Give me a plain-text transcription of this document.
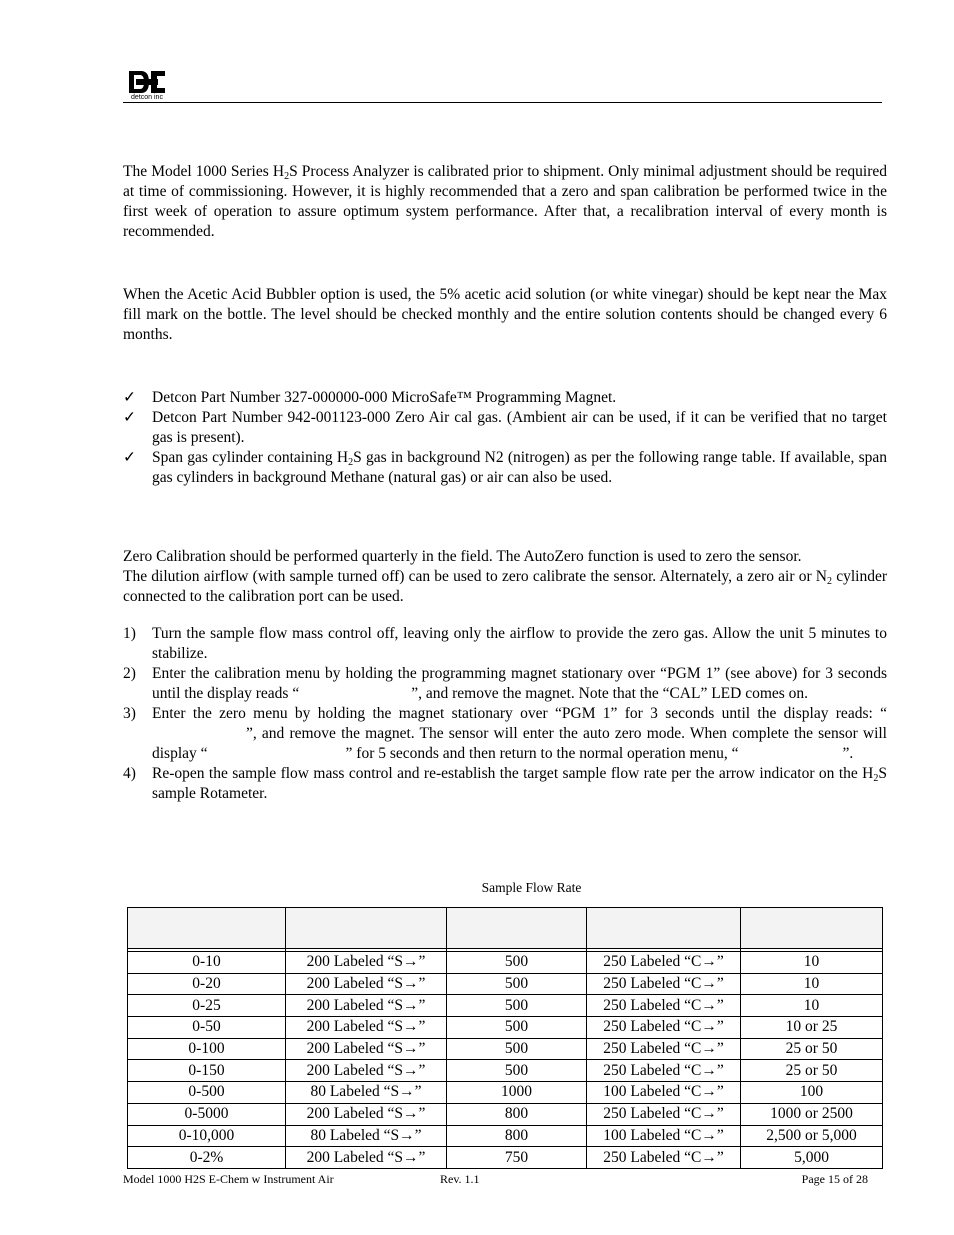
detcon inc

The Model 1000 Series $H_2S$ Process Analyzer is calibrated prior to shipment. Only minimal adjustment should be required at time of commissioning. However, it is highly recommended that a zero and span calibration be performed twice in the first week of operation to assure optimum system performance. After that, a recalibration interval of every month is recommended.

When the Acetic Acid Bubbler option is used, the 5% acetic acid solution (or white vinegar) should be kept near the Max fill mark on the bottle. The level should be checked monthly and the entire solution contents should be changed every 6 months.

✓ Detcon Part Number 327-000000-000 MicroSafe™ Programming Magnet.
✓ Detcon Part Number 942-001123-000 Zero Air cal gas. (Ambient air can be used, if it can be verified that no target gas is present).
✓ Span gas cylinder containing $H_2S$ gas in background N2 (nitrogen) as per the following range table. If available, span gas cylinders in background Methane (natural gas) or air can also be used.

Zero Calibration should be performed quarterly in the field. The AutoZero function is used to zero the sensor.

The dilution airflow (with sample turned off) can be used to zero calibrate the sensor. Alternately, a zero air or $N_2$ cylinder connected to the calibration port can be used.

1) Turn the sample flow mass control off, leaving only the airflow to provide the zero gas. Allow the unit 5 minutes to stabilize.
2) Enter the calibration menu by holding the programming magnet stationary over “PGM 1” (see above) for 3 seconds until the display reads “	”, and remove the magnet. Note that the “CAL” LED comes on.
3) Enter the zero menu by holding the magnet stationary over “PGM 1” for 3 seconds until the display reads: “”, and remove the magnet. The sensor will enter the auto zero mode. When complete the sensor will display “	” for 5 seconds and then return to the normal operation menu, “	”.
4) Re-open the sample flow mass control and re-establish the target sample flow rate per the arrow indicator on the $H_2S$ sample Rotameter.
Sample Flow Rate

0-10	200 Labeled “S→”	500	250 Labeled “C→”	10
0-20	200 Labeled “S→”	500	250 Labeled “C→”	10
0-25	200 Labeled “S→”	500	250 Labeled “C→”	10
0-50	200 Labeled “S→”	500	250 Labeled “C→”	10 or 25
0-100	200 Labeled “S→”	500	250 Labeled “C→”	25 or 50
0-150	200 Labeled “S→”	500	250 Labeled “C→”	25 or 50
0-500	80 Labeled “S→”	1000	100 Labeled “C→”	100
0-5000	200 Labeled “S→”	800	250 Labeled “C→”	1000 or 2500
0-10,000	80 Labeled “S→”	800	100 Labeled “C→”	2,500 or 5,000
0-2%	200 Labeled “S→”	750	250 Labeled “C→”	5,000
Model 1000 H2S E-Chem w Instrument Air	Rev. 1.1	Page 15 of 28
